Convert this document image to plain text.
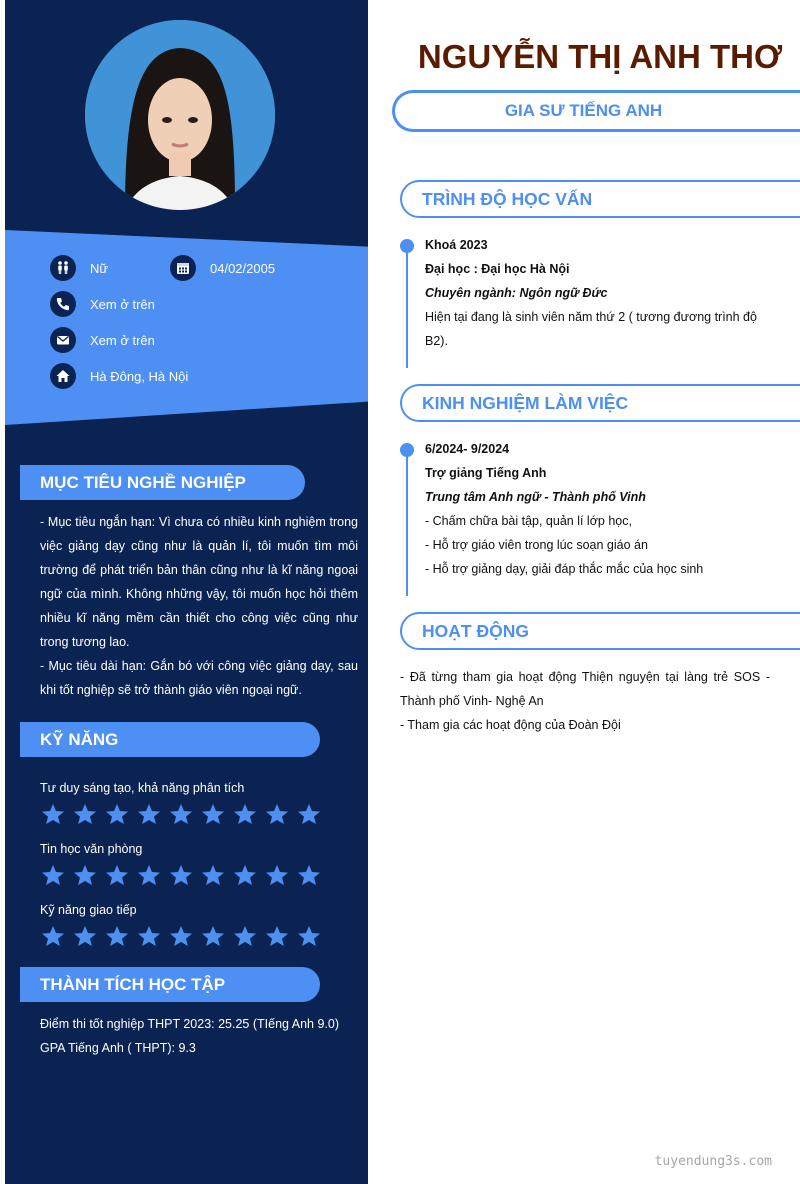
Nữ	04/02/2005
Xem ở trên
Xem ở trên
Hà Đông, Hà Nội
MỤC TIÊU NGHỀ NGHIỆP

- Mục tiêu ngắn hạn: Vì chưa có nhiều kinh nghiệm trong việc giảng dạy cũng như là quản lí, tôi muốn tìm môi trường để phát triển bản thân cũng như là kĩ năng ngoại ngữ của mình. Không những vậy, tôi muốn học hỏi thêm nhiều kĩ năng mềm cần thiết cho công việc cũng như trong tương lao.

- Mục tiêu dài hạn: Gắn bó với công việc giảng dạy, sau khi tốt nghiệp sẽ trở thành giáo viên ngoại ngữ.

KỸ NĂNG
Tư duy sáng tạo, khả năng phân tích
Tin học văn phòng
Kỹ năng giao tiếp
THÀNH TÍCH HỌC TẬP

Điểm thi tốt nghiệp THPT 2023: 25.25 (TIếng Anh 9.0)

GPA Tiếng Anh ( THPT): 9.3

NGUYỄN THỊ ANH THƠ
GIA SƯ TIẾNG ANH
TRÌNH ĐỘ HỌC VẤN

Khoá 2023

Đại học : Đại học Hà Nội

Chuyên ngành: Ngôn ngữ Đức

Hiện tại đang là sinh viên năm thứ 2 ( tương đương trình độ B2).

KINH NGHIỆM LÀM VIỆC

6/2024- 9/2024

Trợ giảng Tiếng Anh

Trung tâm Anh ngữ - Thành phố Vinh

- Chấm chữa bài tập, quản lí lớp học,

- Hỗ trợ giáo viên trong lúc soạn giáo án

- Hỗ trợ giảng dạy, giải đáp thắc mắc của học sinh

HOẠT ĐỘNG

- Đã từng tham gia hoạt động Thiện nguyện tại làng trẻ SOS - Thành phố Vinh- Nghệ An

- Tham gia các hoạt động của Đoàn Đội

tuyendung3s.com
